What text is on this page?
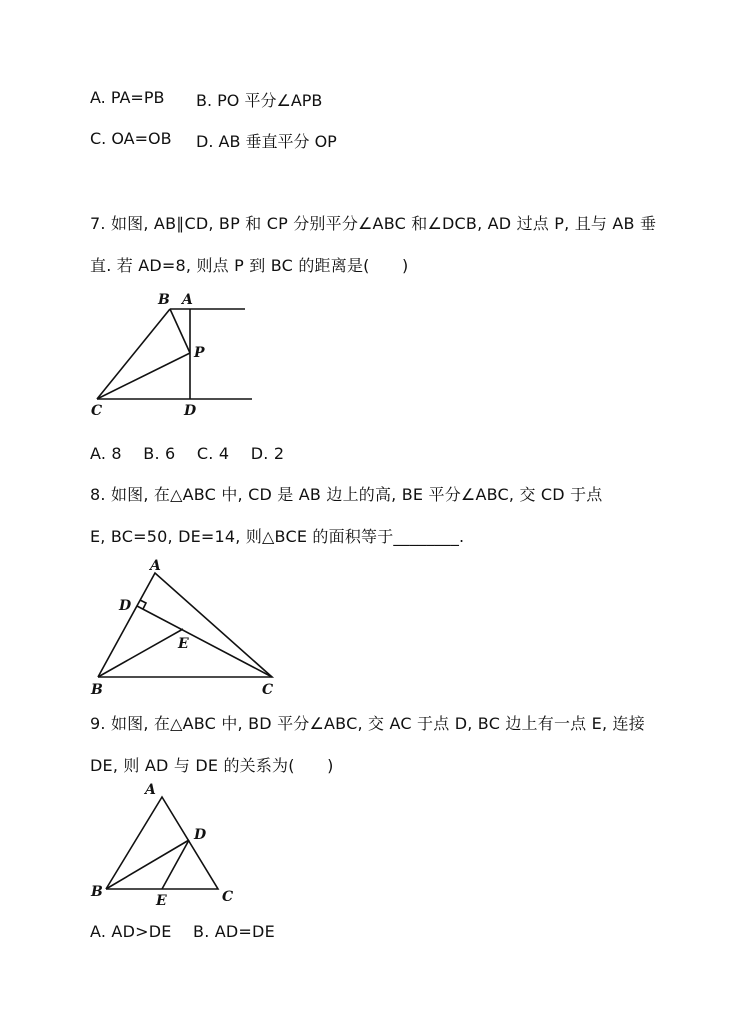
A. PA=PB B. PO 平分∠APB
C. OA=OB D. AB 垂直平分 OP
7. 如图, AB∥CD, BP 和 CP 分别平分∠ABC 和∠DCB, AD 过点 P, 且与 AB 垂
直. 若 AD=8, 则点 P 到 BC 的距离是(　　)
B A
P
C	D
A. 8　 B. 6　 C. 4　 D. 2
8. 如图, 在△ABC 中, CD 是 AB 边上的高, BE 平分∠ABC, 交 CD 于点
E, BC=50, DE=14, 则△BCE 的面积等于________.
A
D
E
B	C
9. 如图, 在△ABC 中, BD 平分∠ABC, 交 AC 于点 D, BC 边上有一点 E, 连接
DE, 则 AD 与 DE 的关系为(　　)
A
D
B
E	C
A. AD>DE　 B. AD=DE
